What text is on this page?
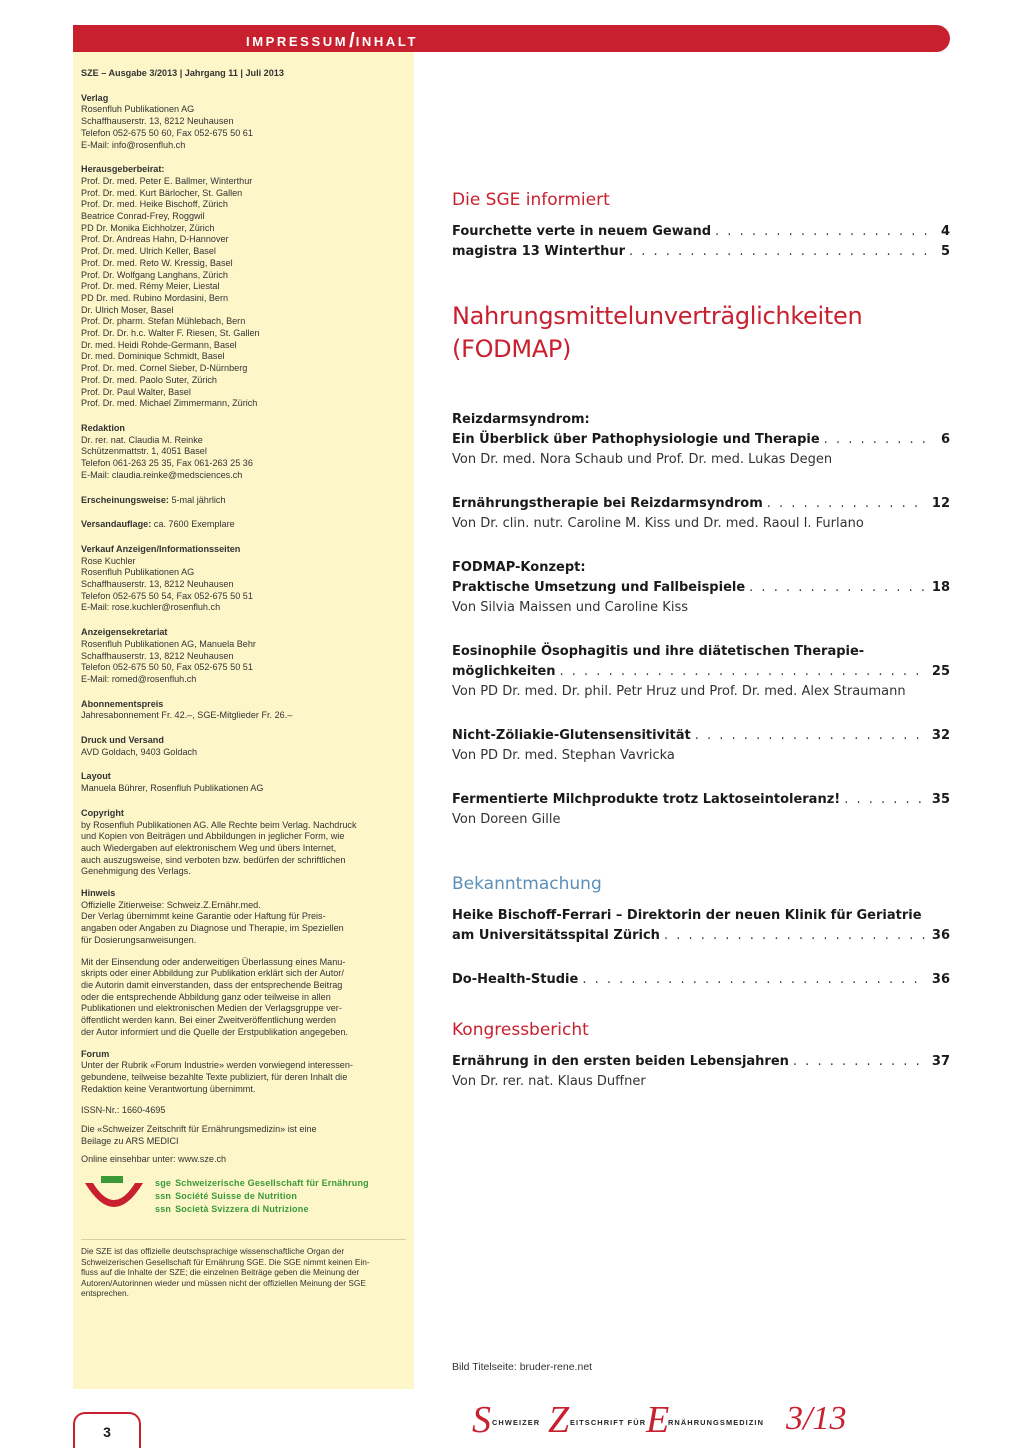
IMPRESSUM/INHALT
SZE – Ausgabe 3/2013 | Jahrgang 11 | Juli 2013
Verlag
Rosenfluh Publikationen AG
Schaffhauserstr. 13, 8212 Neuhausen
Telefon 052-675 50 60, Fax 052-675 50 61
E-Mail: info@rosenfluh.ch
Herausgeberbeirat:
Prof. Dr. med. Peter E. Ballmer, Winterthur
Prof. Dr. med. Kurt Bärlocher, St. Gallen
Prof. Dr. med. Heike Bischoff, Zürich
Beatrice Conrad-Frey, Roggwil
PD Dr. Monika Eichholzer, Zürich
Prof. Dr. Andreas Hahn, D-Hannover
Prof. Dr. med. Ulrich Keller, Basel
Prof. Dr. med. Reto W. Kressig, Basel
Prof. Dr. Wolfgang Langhans, Zürich
Prof. Dr. med. Rémy Meier, Liestal
PD Dr. med. Rubino Mordasini, Bern
Dr. Ulrich Moser, Basel
Prof. Dr. pharm. Stefan Mühlebach, Bern
Prof. Dr. Dr. h.c. Walter F. Riesen, St. Gallen
Dr. med. Heidi Rohde-Germann, Basel
Dr. med. Dominique Schmidt, Basel
Prof. Dr. med. Cornel Sieber, D-Nürnberg
Prof. Dr. med. Paolo Suter, Zürich
Prof. Dr. Paul Walter, Basel
Prof. Dr. med. Michael Zimmermann, Zürich
Redaktion
Dr. rer. nat. Claudia M. Reinke
Schützenmattstr. 1, 4051 Basel
Telefon 061-263 25 35, Fax 061-263 25 36
E-Mail: claudia.reinke@medsciences.ch
Erscheinungsweise: 5-mal jährlich
Versandauflage: ca. 7600 Exemplare
Verkauf Anzeigen/Informationsseiten
Rose Kuchler
Rosenfluh Publikationen AG
Schaffhauserstr. 13, 8212 Neuhausen
Telefon 052-675 50 54, Fax 052-675 50 51
E-Mail: rose.kuchler@rosenfluh.ch
Anzeigensekretariat
Rosenfluh Publikationen AG, Manuela Behr
Schaffhauserstr. 13, 8212 Neuhausen
Telefon 052-675 50 50, Fax 052-675 50 51
E-Mail: romed@rosenfluh.ch
Abonnementspreis
Jahresabonnement Fr. 42.–, SGE-Mitglieder Fr. 26.–
Druck und Versand
AVD Goldach, 9403 Goldach
Layout
Manuela Bührer, Rosenfluh Publikationen AG
Copyright
by Rosenfluh Publikationen AG. Alle Rechte beim Verlag. Nachdruck
und Kopien von Beiträgen und Abbildungen in jeglicher Form, wie
auch Wiedergaben auf elektronischem Weg und übers Internet,
auch auszugsweise, sind verboten bzw. bedürfen der schriftlichen
Genehmigung des Verlags.
Hinweis
Offizielle Zitierweise: Schweiz.Z.Ernähr.med.
Der Verlag übernimmt keine Garantie oder Haftung für Preis-
angaben oder Angaben zu Diagnose und Therapie, im Speziellen
für Dosierungsanweisungen.
Mit der Einsendung oder anderweitigen Überlassung eines Manu-
skripts oder einer Abbildung zur Publikation erklärt sich der Autor/
die Autorin damit einverstanden, dass der entsprechende Beitrag
oder die entsprechende Abbildung ganz oder teilweise in allen
Publikationen und elektronischen Medien der Verlagsgruppe ver-
öffentlicht werden kann. Bei einer Zweitveröffentlichung werden
der Autor informiert und die Quelle der Erstpublikation angegeben.
Forum
Unter der Rubrik «Forum Industrie» werden vorwiegend interessen-
gebundene, teilweise bezahlte Texte publiziert, für deren Inhalt die
Redaktion keine Verantwortung übernimmt.
ISSN-Nr.: 1660-4695
Die «Schweizer Zeitschrift für Ernährungsmedizin» ist eine
Beilage zu ARS MEDICI
Online einsehbar unter: www.sze.ch
sge Schweizerische Gesellschaft für Ernährung
ssn Société Suisse de Nutrition
ssn Società Svizzera di Nutrizione
Die SZE ist das offizielle deutschsprachige wissenschaftliche Organ der
Schweizerischen Gesellschaft für Ernährung SGE. Die SGE nimmt keinen Ein-
fluss auf die Inhalte der SZE; die einzelnen Beiträge geben die Meinung der
Autoren/Autorinnen wieder und müssen nicht der offiziellen Meinung der SGE
entsprechen.
Die SGE informiert
Fourchette verte in neuem Gewand . . .	4
magistra 13 Winterthur . . .	5
Nahrungsmittelunverträglichkeiten
(FODMAP)
Reizdarmsyndrom:
Ein Überblick über Pathophysiologie und Therapie . . .	6
Von Dr. med. Nora Schaub und Prof. Dr. med. Lukas Degen
Ernährungstherapie bei Reizdarmsyndrom . . .	12
Von Dr. clin. nutr. Caroline M. Kiss und Dr. med. Raoul I. Furlano
FODMAP-Konzept:
Praktische Umsetzung und Fallbeispiele . . .	18
Von Silvia Maissen und Caroline Kiss
Eosinophile Ösophagitis und ihre diätetischen Therapie-
möglichkeiten . . .	25
Von PD Dr. med. Dr. phil. Petr Hruz und Prof. Dr. med. Alex Straumann
Nicht-Zöliakie-Glutensensitivität . . .	32
Von PD Dr. med. Stephan Vavricka
Fermentierte Milchprodukte trotz Laktoseintoleranz! . . .	35
Von Doreen Gille
Bekanntmachung
Heike Bischoff-Ferrari – Direktorin der neuen Klinik für Geriatrie
am Universitätsspital Zürich . . .	36
Do-Health-Studie . . .	36
Kongressbericht
Ernährung in den ersten beiden Lebensjahren . . .	37
Von Dr. rer. nat. Klaus Duffner
Bild Titelseite: bruder-rene.net
3	S CHWEIZER Z EITSCHRIFT FÜR E
RNÄHRUNGSMEDIZIN 3/13
